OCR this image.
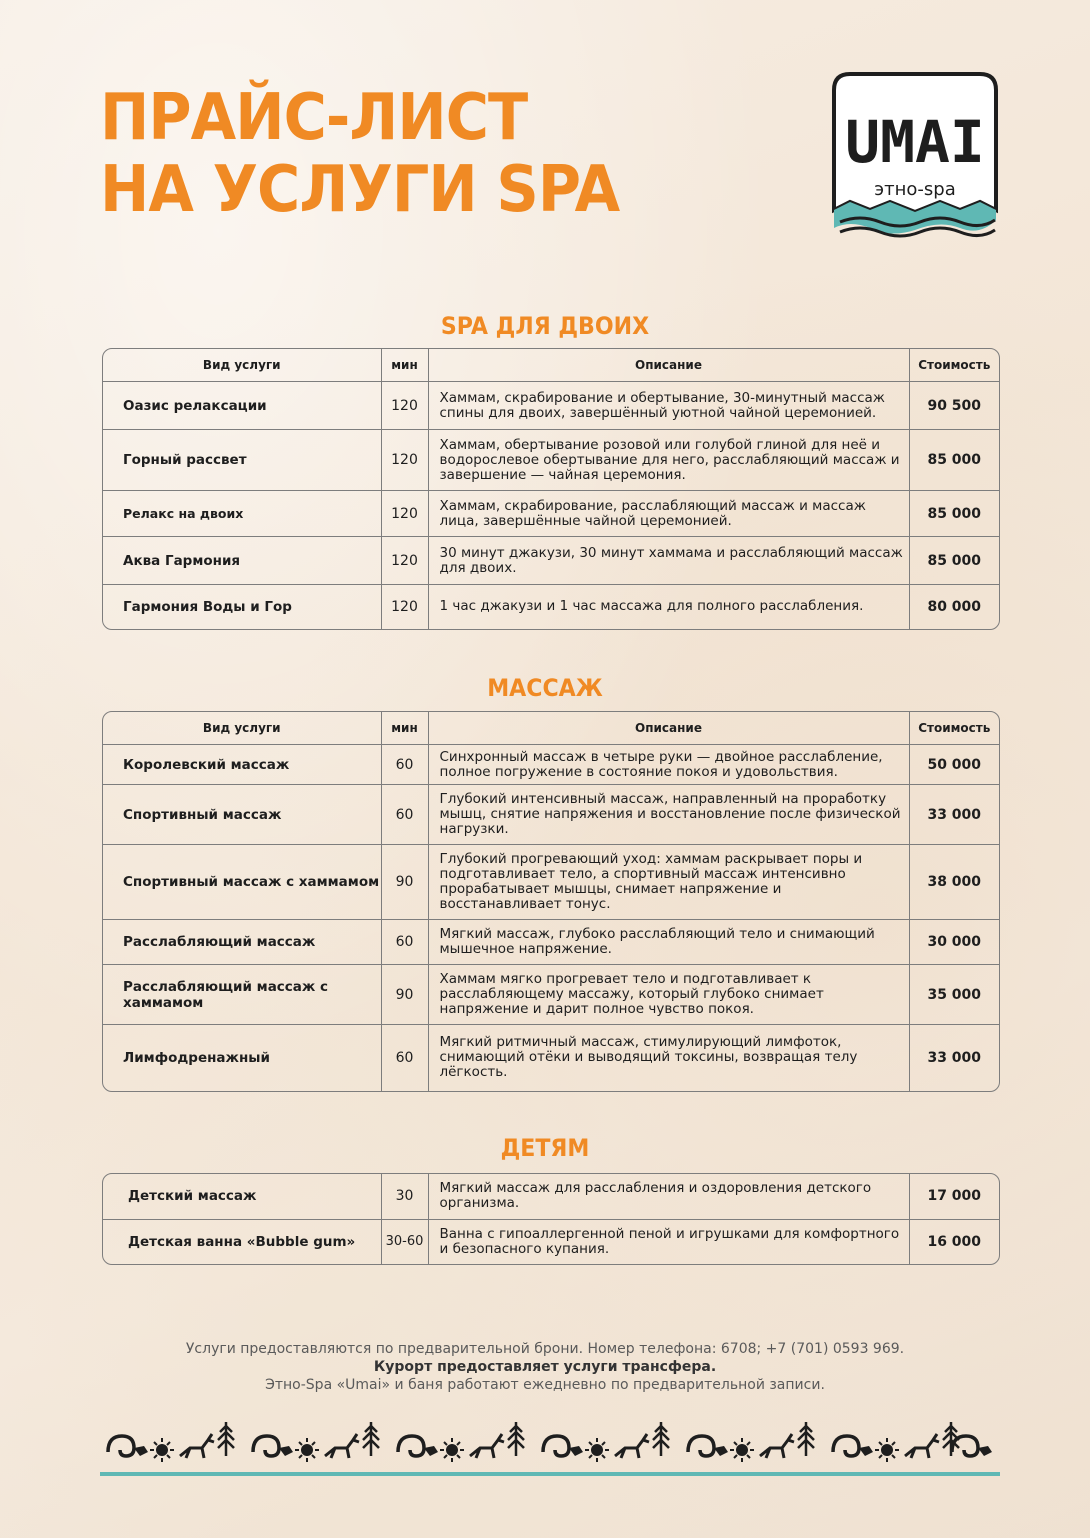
ПРАЙС-ЛИСТ
НА УСЛУГИ SPA
UMAI
этно-spa
SPA ДЛЯ ДВОИХ
Вид услуги	мин	Описание	Стоимость
Оазис релаксации	120	Хаммам, скрабирование и обертывание, 30-минутный массаж спины для двоих, завершённый уютной чайной церемонией.	90 500
Горный рассвет	120	Хаммам, обертывание розовой или голубой глиной для неё и водорослевое обертывание для него, расслабляющий массаж и завершение — чайная церемония.	85 000
Релакс на двоих	120	Хаммам, скрабирование, расслабляющий массаж и массаж лица, завершённые чайной церемонией.	85 000
Аква Гармония	120	30 минут джакузи, 30 минут хаммама и расслабляющий массаж для двоих.	85 000
Гармония Воды и Гор	120	1 час джакузи и 1 час массажа для полного расслабления.	80 000
МАССАЖ
Вид услуги	мин	Описание	Стоимость
Королевский массаж	60	Синхронный массаж в четыре руки — двойное расслабление, полное погружение в состояние покоя и удовольствия.	50 000
Спортивный массаж	60	Глубокий интенсивный массаж, направленный на проработку мышц, снятие напряжения и восстановление после физической нагрузки.	33 000
Спортивный массаж с хаммамом	90	Глубокий прогревающий уход: хаммам раскрывает поры и подготавливает тело, а спортивный массаж интенсивно прорабатывает мышцы, снимает напряжение и восстанавливает тонус.	38 000
Расслабляющий массаж	60	Мягкий массаж, глубоко расслабляющий тело и снимающий мышечное напряжение.	30 000
Расслабляющий массаж с хаммамом	90	Хаммам мягко прогревает тело и подготавливает к расслабляющему массажу, который глубоко снимает напряжение и дарит полное чувство покоя.	35 000
Лимфодренажный	60	Мягкий ритмичный массаж, стимулирующий лимфоток, снимающий отёки и выводящий токсины, возвращая телу лёгкость.	33 000
ДЕТЯМ
Детский массаж	30	Мягкий массаж для расслабления и оздоровления детского организма.	17 000
Детская ванна «Bubble gum»	30-60	Ванна с гипоаллергенной пеной и игрушками для комфортного и безопасного купания.	16 000

Услуги предоставляются по предварительной брони. Номер телефона: 6708; +7 (701) 0593 969.

Курорт предоставляет услуги трансфера.

Этно-Spa «Umai» и баня работают ежедневно по предварительной записи.
